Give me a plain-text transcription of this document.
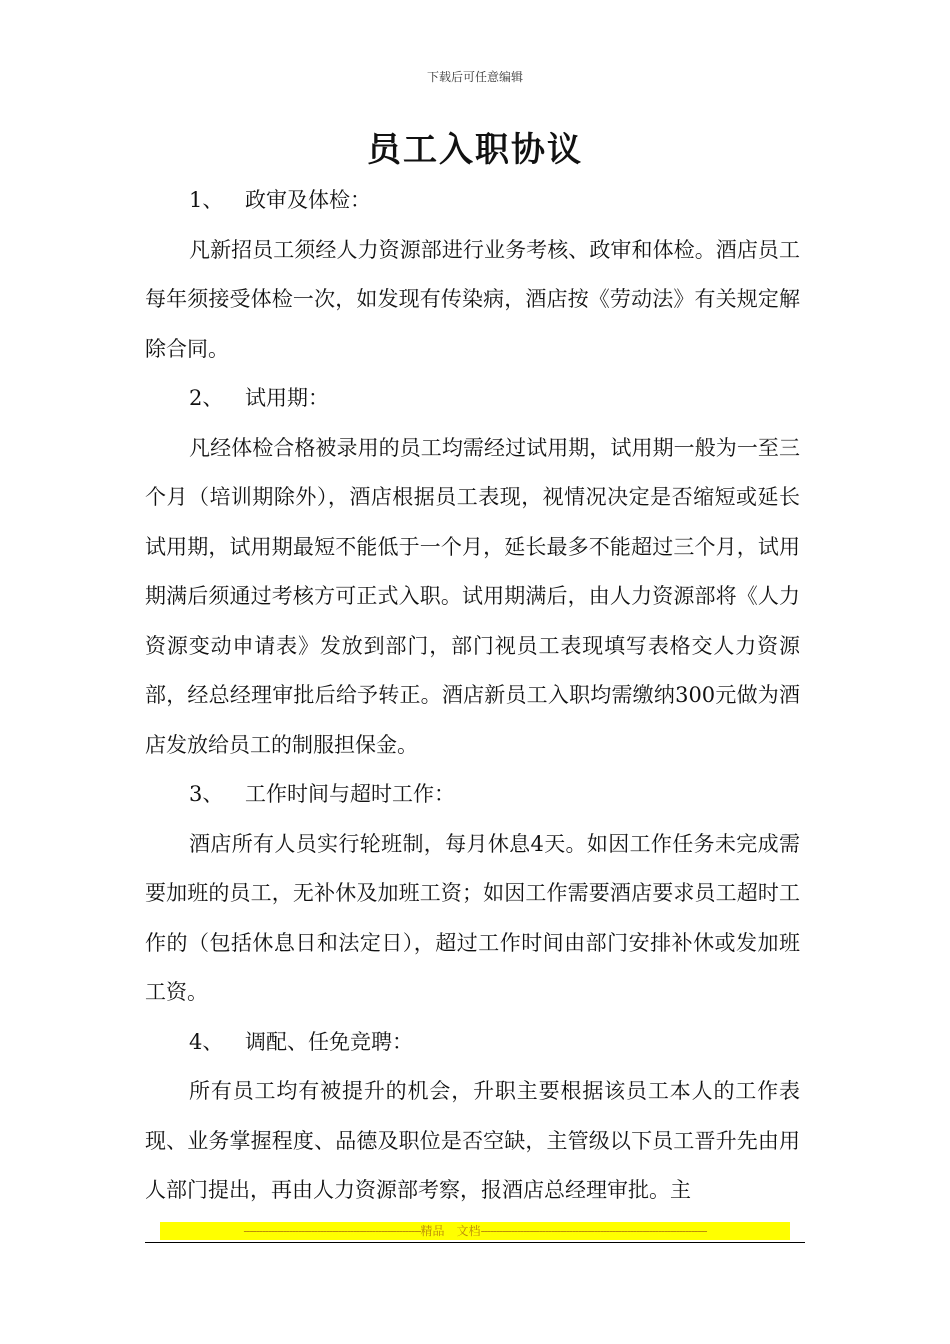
下载后可任意编辑
员工入职协议
1、 政审及体检：

凡新招员工须经人力资源部进行业务考核、政审和体检。酒店员工每年须接受体检一次，如发现有传染病，酒店按《劳动法》有关规定解除合同。

2、 试用期：

凡经体检合格被录用的员工均需经过试用期，试用期一般为一至三个月（培训期除外），酒店根据员工表现，视情况决定是否缩短或延长试用期，试用期最短不能低于一个月，延长最多不能超过三个月，试用期满后须通过考核方可正式入职。试用期满后，由人力资源部将《人力资源变动申请表》发放到部门，部门视员工表现填写表格交人力资源部，经总经理审批后给予转正。酒店新员工入职均需缴纳300元做为酒店发放给员工的制服担保金。

3、 工作时间与超时工作：

酒店所有人员实行轮班制，每月休息4天。如因工作任务未完成需要加班的员工，无补休及加班工资；如因工作需要酒店要求员工超时工作的（包括休息日和法定日），超过工作时间由部门安排补休或发加班工资。

4、 调配、任免竞聘：

所有员工均有被提升的机会，升职主要根据该员工本人的工作表现、业务掌握程度、品德及职位是否空缺，主管级以下员工晋升先由用人部门提出，再由人力资源部考察，报酒店总经理审批。主

----------------------------------------------------------精品　文档--------------------------------------------------------------------------
